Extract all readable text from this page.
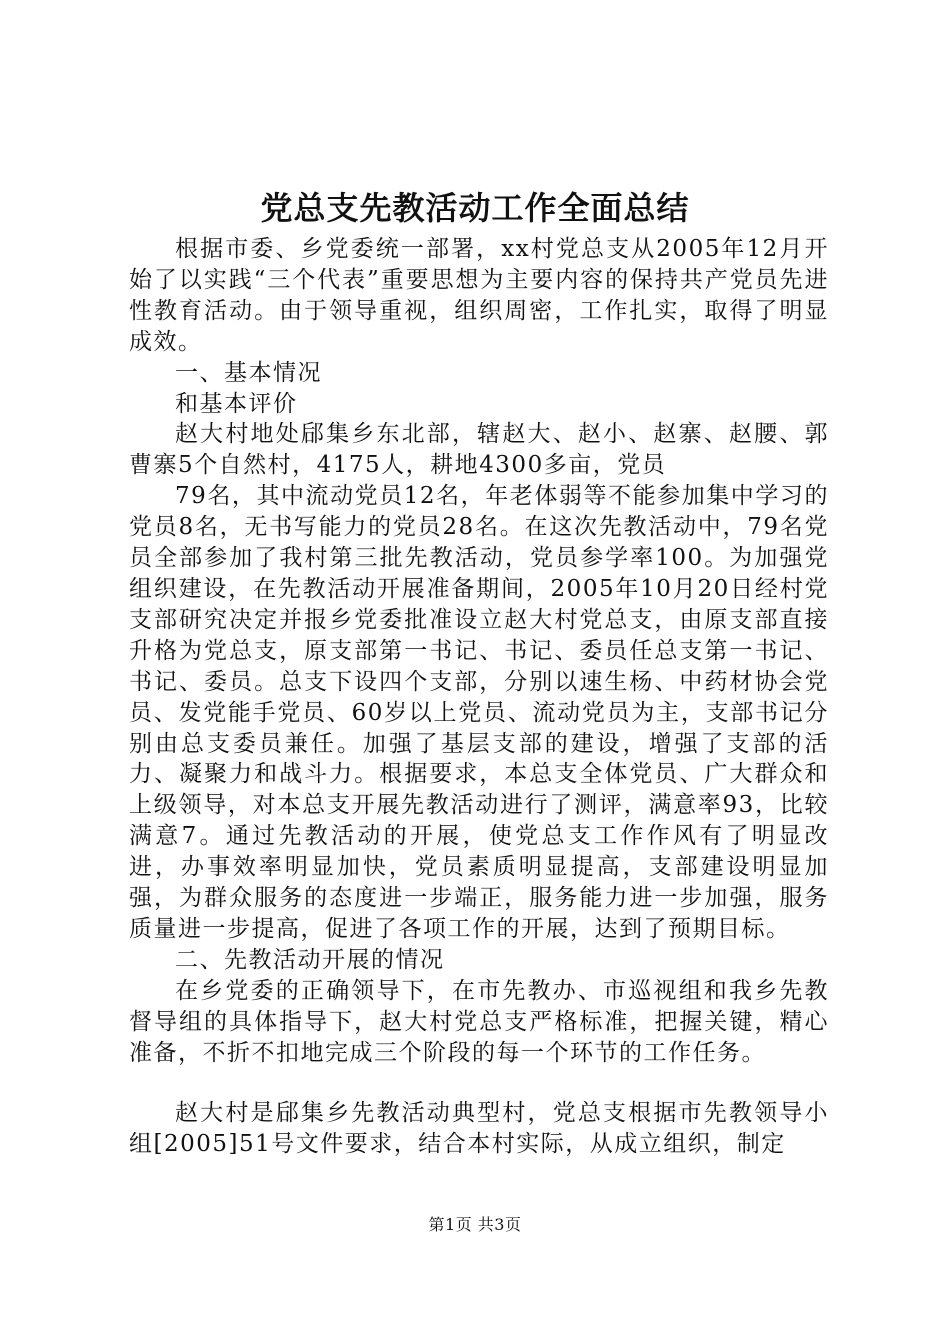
党总支先教活动工作全面总结

根据市委、乡党委统一部署，xx村党总支从2005年12月开始了以实践“三个代表”重要思想为主要内容的保持共产党员先进性教育活动。由于领导重视，组织周密，工作扎实，取得了明显成效。

一、基本情况

和基本评价

赵大村地处郈集乡东北部，辖赵大、赵小、赵寨、赵腰、郭曹寨5个自然村，4175人，耕地4300多亩，党员

79名，其中流动党员12名，年老体弱等不能参加集中学习的党员8名，无书写能力的党员28名。在这次先教活动中，79名党员全部参加了我村第三批先教活动，党员参学率100。为加强党组织建设，在先教活动开展准备期间，2005年10月20日经村党支部研究决定并报乡党委批准设立赵大村党总支，由原支部直接升格为党总支，原支部第一书记、书记、委员任总支第一书记、书记、委员。总支下设四个支部，分别以速生杨、中药材协会党员、发党能手党员、60岁以上党员、流动党员为主，支部书记分别由总支委员兼任。加强了基层支部的建设，增强了支部的活力、凝聚力和战斗力。根据要求，本总支全体党员、广大群众和上级领导，对本总支开展先教活动进行了测评，满意率93，比较满意7。通过先教活动的开展，使党总支工作作风有了明显改进，办事效率明显加快，党员素质明显提高，支部建设明显加强，为群众服务的态度进一步端正，服务能力进一步加强，服务质量进一步提高，促进了各项工作的开展，达到了预期目标。

二、先教活动开展的情况

在乡党委的正确领导下，在市先教办、市巡视组和我乡先教督导组的具体指导下，赵大村党总支严格标准，把握关键，精心准备，不折不扣地完成三个阶段的每一个环节的工作任务。

赵大村是郈集乡先教活动典型村，党总支根据市先教领导小组[2005]51号文件要求，结合本村实际，从成立组织，制定

第1页 共3页
